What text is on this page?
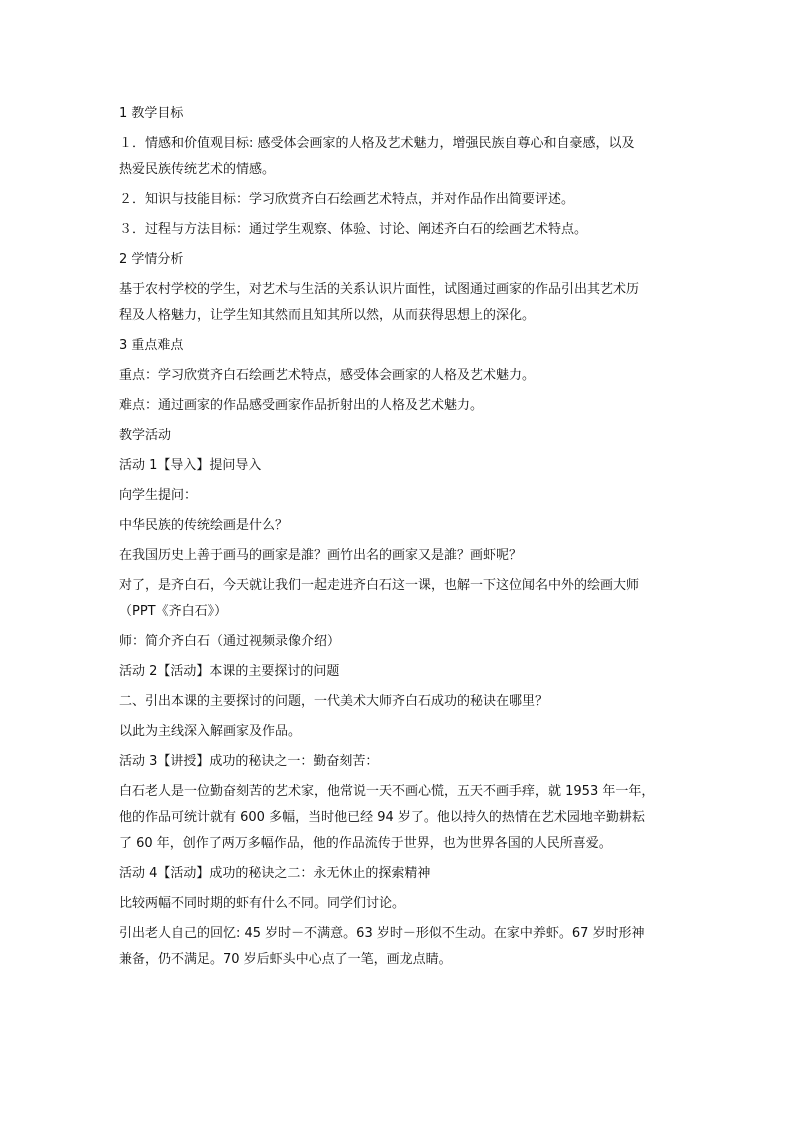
1 教学目标

１．情感和价值观目标: 感受体会画家的人格及艺术魅力，增强民族自尊心和自豪感，以及

热爱民族传统艺术的情感。

２．知识与技能目标：学习欣赏齐白石绘画艺术特点，并对作品作出简要评述。

３．过程与方法目标：通过学生观察、体验、讨论、阐述齐白石的绘画艺术特点。

2 学情分析

基于农村学校的学生，对艺术与生活的关系认识片面性，试图通过画家的作品引出其艺术历

程及人格魅力，让学生知其然而且知其所以然，从而获得思想上的深化。

3 重点难点

重点：学习欣赏齐白石绘画艺术特点，感受体会画家的人格及艺术魅力。

难点：通过画家的作品感受画家作品折射出的人格及艺术魅力。

教学活动

活动 1【导入】提问导入

向学生提问：

中华民族的传统绘画是什么？

在我国历史上善于画马的画家是誰？画竹出名的画家又是誰？画虾呢？

对了，是齐白石，今天就让我们一起走进齐白石这一课，也解一下这位闻名中外的绘画大师

（PPT《齐白石》）

师：简介齐白石（通过视频录像介绍）

活动 2【活动】本课的主要探讨的问题

二、引出本课的主要探讨的问题，一代美术大师齐白石成功的秘诀在哪里？

以此为主线深入解画家及作品。

活动 3【讲授】成功的秘诀之一：勤奋刻苦：

白石老人是一位勤奋刻苦的艺术家，他常说一天不画心慌，五天不画手痒，就 1953 年一年，

他的作品可统计就有 600 多幅，当时他已经 94 岁了。他以持久的热情在艺术园地辛勤耕耘

了 60 年，创作了两万多幅作品，他的作品流传于世界，也为世界各国的人民所喜爱。

活动 4【活动】成功的秘诀之二：永无休止的探索精神

比较两幅不同时期的虾有什么不同。同学们讨论。

引出老人自己的回忆: 45 岁时－不满意。63 岁时－形似不生动。在家中养虾。67 岁时形神

兼备，仍不满足。70 岁后虾头中心点了一笔，画龙点睛。
